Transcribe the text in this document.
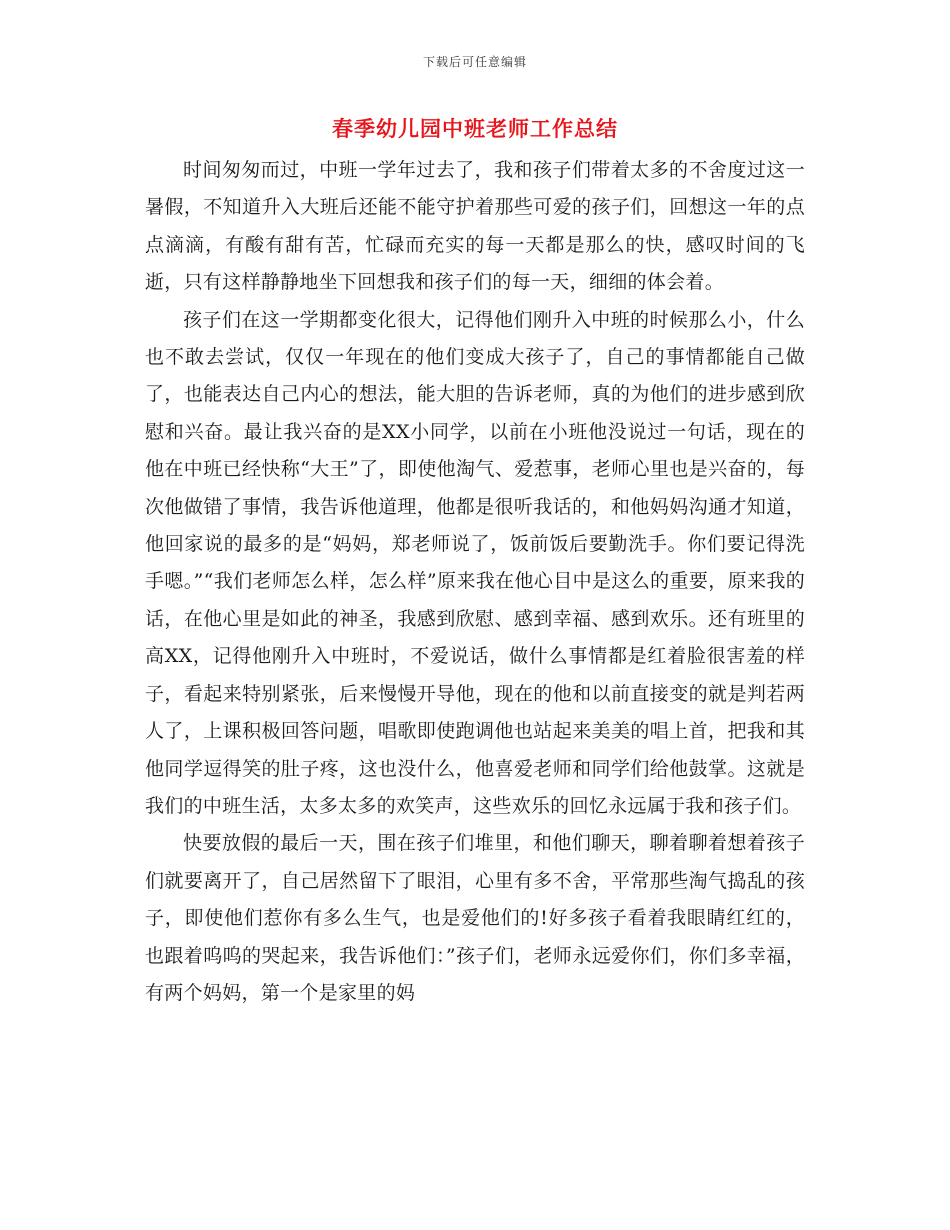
下载后可任意编辑
春季幼儿园中班老师工作总结

时间匆匆而过，中班一学年过去了，我和孩子们带着太多的不舍度过这一暑假，不知道升入大班后还能不能守护着那些可爱的孩子们，回想这一年的点点滴滴，有酸有甜有苦，忙碌而充实的每一天都是那么的快，感叹时间的飞逝，只有这样静静地坐下回想我和孩子们的每一天，细细的体会着。

孩子们在这一学期都变化很大，记得他们刚升入中班的时候那么小，什么也不敢去尝试，仅仅一年现在的他们变成大孩子了，自己的事情都能自己做了，也能表达自己内心的想法，能大胆的告诉老师，真的为他们的进步感到欣慰和兴奋。最让我兴奋的是XX小同学，以前在小班他没说过一句话，现在的他在中班已经快称“大王”了，即使他淘气、爱惹事，老师心里也是兴奋的，每次他做错了事情，我告诉他道理，他都是很听我话的，和他妈妈沟通才知道，他回家说的最多的是“妈妈，郑老师说了，饭前饭后要勤洗手。你们要记得洗手嗯。”“我们老师怎么样，怎么样”原来我在他心目中是这么的重要，原来我的话，在他心里是如此的神圣，我感到欣慰、感到幸福、感到欢乐。还有班里的高XX，记得他刚升入中班时，不爱说话，做什么事情都是红着脸很害羞的样子，看起来特别紧张，后来慢慢开导他，现在的他和以前直接变的就是判若两人了，上课积极回答问题，唱歌即使跑调他也站起来美美的唱上首，把我和其他同学逗得笑的肚子疼，这也没什么，他喜爱老师和同学们给他鼓掌。这就是我们的中班生活，太多太多的欢笑声，这些欢乐的回忆永远属于我和孩子们。

快要放假的最后一天，围在孩子们堆里，和他们聊天，聊着聊着想着孩子们就要离开了，自己居然留下了眼泪，心里有多不舍，平常那些淘气捣乱的孩子，即使他们惹你有多么生气，也是爱他们的!好多孩子看着我眼睛红红的，也跟着呜呜的哭起来，我告诉他们：”孩子们，老师永远爱你们，你们多幸福，有两个妈妈，第一个是家里的妈
